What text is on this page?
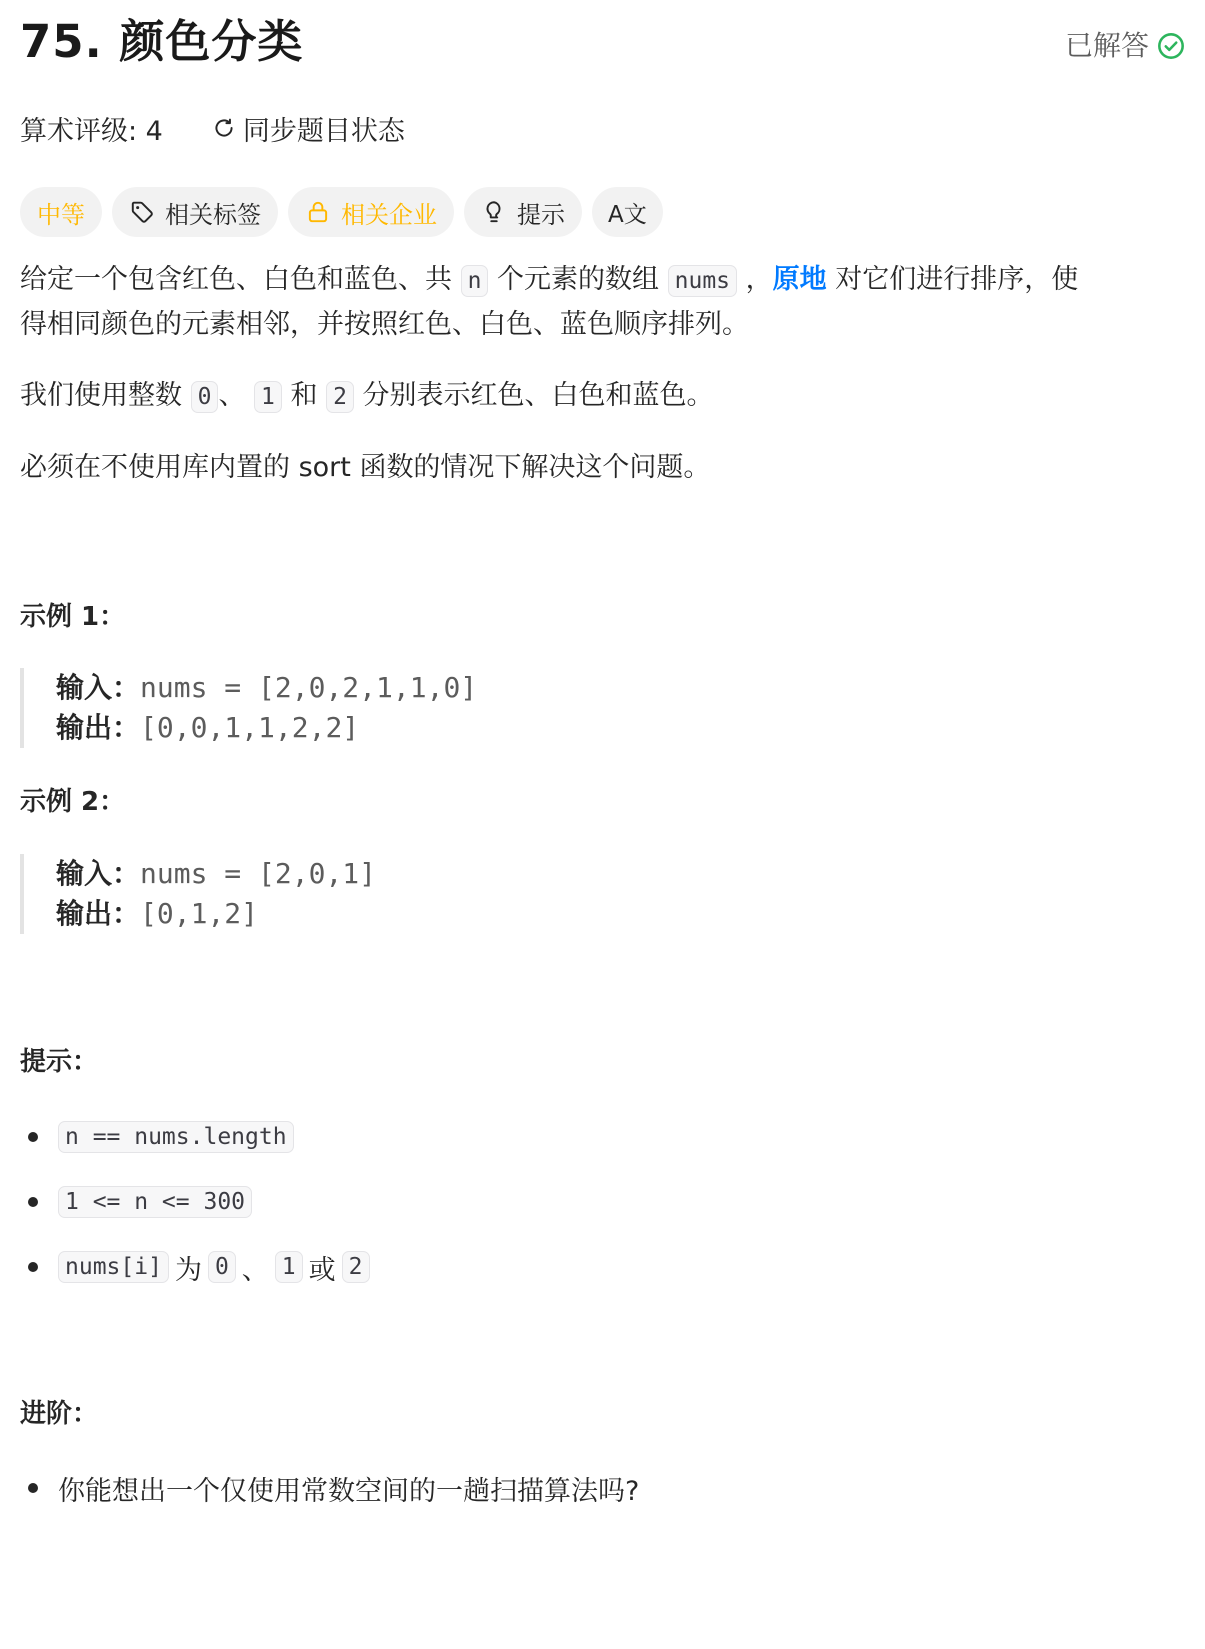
75. 颜色分类	已解答
算术评级: 4	同步题目状态
中等	相关标签	相关企业	提示 A文
给定一个包含红色、白色和蓝色、共 n 个元素的数组 nums ，原地 对它们进行排序，使
得相同颜色的元素相邻，并按照红色、白色、蓝色顺序排列。
我们使用整数 0 、 1 和 2 分别表示红色、白色和蓝色。
必须在不使用库内置的 sort 函数的情况下解决这个问题。
示例 1：
输入：nums = [2,0,2,1,1,0]
输出：[0,0,1,1,2,2]
示例 2：
输入：nums = [2,0,1]
输出：[0,1,2]
提示：
n == nums.length
1 <= n <= 300
nums[i] 为 0 、 1 或 2
进阶：
你能想出一个仅使用常数空间的一趟扫描算法吗?
